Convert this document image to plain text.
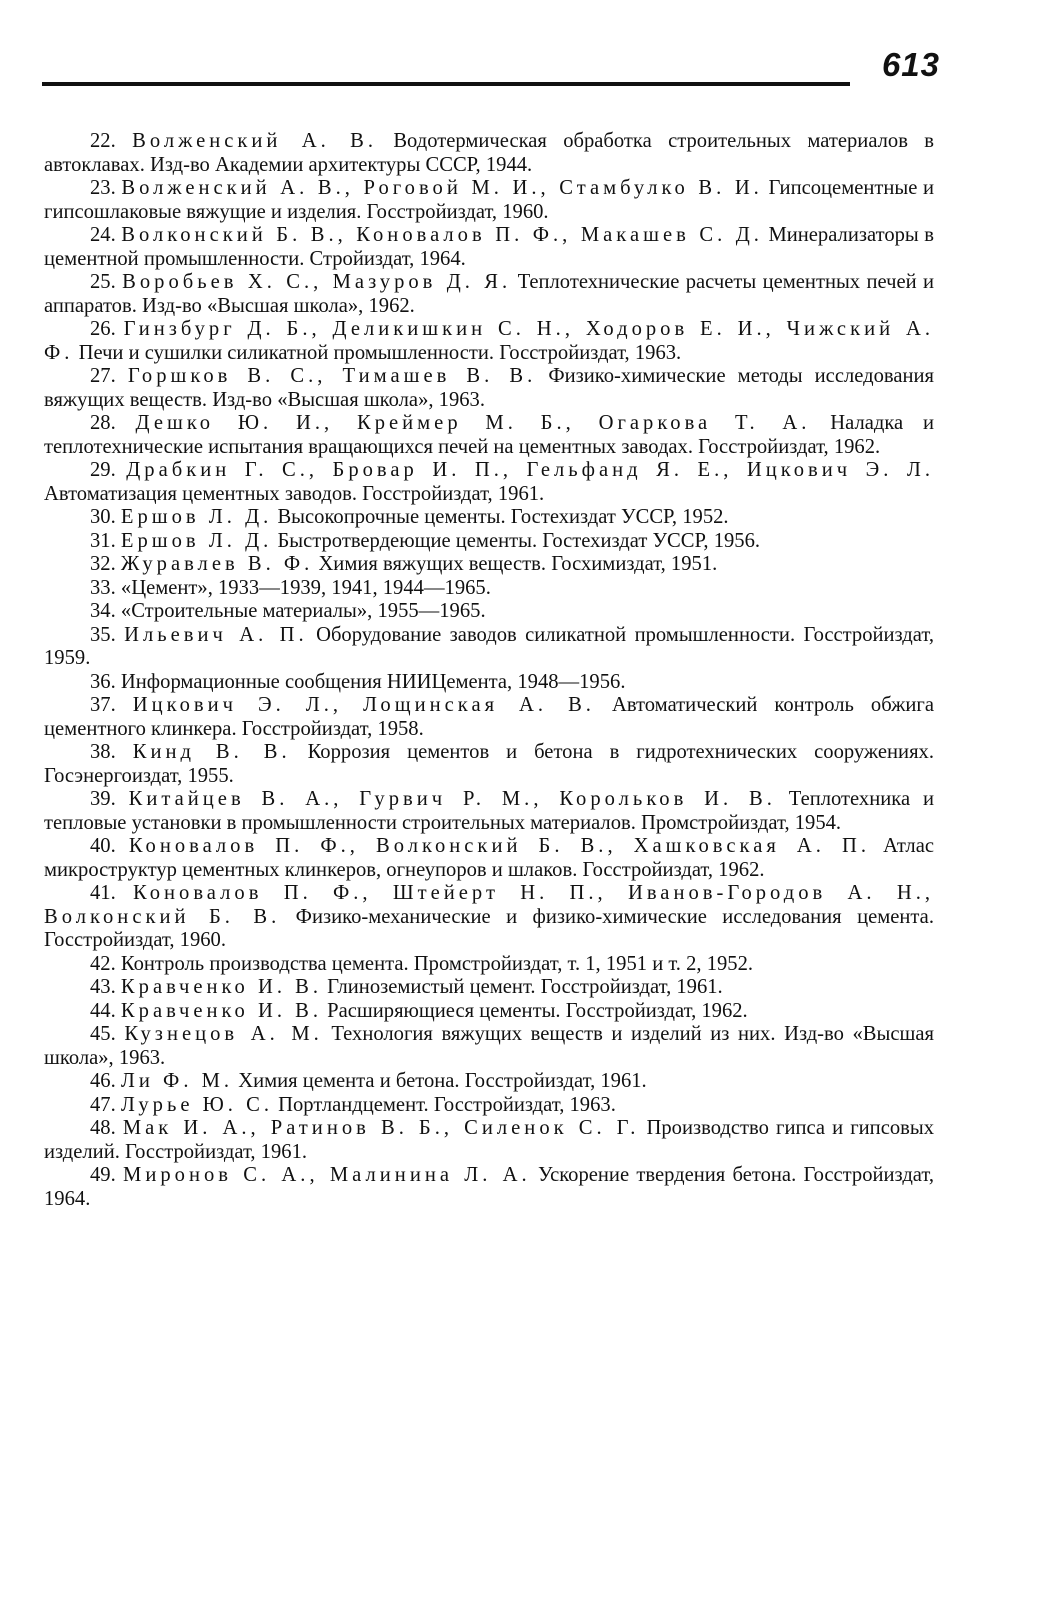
613

22. Волженский А. В. Водотермическая обработка строительных материалов в автоклавах. Изд-во Академии архитектуры СССР, 1944.

23. Волженский А. В., Роговой М. И., Стамбулко В. И. Гипсоцементные и гипсошлаковые вяжущие и изделия. Госстройиздат, 1960.

24. Волконский Б. В., Коновалов П. Ф., Макашев С. Д. Минерализаторы в цементной промышленности. Стройиздат, 1964.

25. Воробьев Х. С., Мазуров Д. Я. Теплотехнические расчеты цементных печей и аппаратов. Изд-во «Высшая школа», 1962.

26. Гинзбург Д. Б., Деликишкин С. Н., Ходоров Е. И., Чижский А. Ф. Печи и сушилки силикатной промышленности. Госстройиздат, 1963.

27. Горшков В. С., Тимашев В. В. Физико-химические методы исследования вяжущих веществ. Изд-во «Высшая школа», 1963.

28. Дешко Ю. И., Креймер М. Б., Огаркова Т. А. Наладка и теплотехнические испытания вращающихся печей на цементных заводах. Госстройиздат, 1962.

29. Драбкин Г. С., Бровар И. П., Гельфанд Я. Е., Ицкович Э. Л. Автоматизация цементных заводов. Госстройиздат, 1961.

30. Ершов Л. Д. Высокопрочные цементы. Гостехиздат УССР, 1952.

31. Ершов Л. Д. Быстротвердеющие цементы. Гостехиздат УССР, 1956.

32. Журавлев В. Ф. Химия вяжущих веществ. Госхимиздат, 1951.

33. «Цемент», 1933—1939, 1941, 1944—1965.

34. «Строительные материалы», 1955—1965.

35. Ильевич А. П. Оборудование заводов силикатной промышленности. Госстройиздат, 1959.

36. Информационные сообщения НИИЦемента, 1948—1956.

37. Ицкович Э. Л., Лощинская А. В. Автоматический контроль обжига цементного клинкера. Госстройиздат, 1958.

38. Кинд В. В. Коррозия цементов и бетона в гидротехнических сооружениях. Госэнергоиздат, 1955.

39. Китайцев В. А., Гурвич Р. М., Корольков И. В. Теплотехника и тепловые установки в промышленности строительных материалов. Промстройиздат, 1954.

40. Коновалов П. Ф., Волконский Б. В., Хашковская А. П. Атлас микроструктур цементных клинкеров, огнеупоров и шлаков. Госстройиздат, 1962.

41. Коновалов П. Ф., Штейерт Н. П., Иванов-Городов А. Н., Волконский Б. В. Физико-механические и физико-химические исследования цемента. Госстройиздат, 1960.

42. Контроль производства цемента. Промстройиздат, т. 1, 1951 и т. 2, 1952.

43. Кравченко И. В. Глиноземистый цемент. Госстройиздат, 1961.

44. Кравченко И. В. Расширяющиеся цементы. Госстройиздат, 1962.

45. Кузнецов А. М. Технология вяжущих веществ и изделий из них. Изд-во «Высшая школа», 1963.

46. Ли Ф. М. Химия цемента и бетона. Госстройиздат, 1961.

47. Лурье Ю. С. Портландцемент. Госстройиздат, 1963.

48. Мак И. А., Ратинов В. Б., Силенок С. Г. Производство гипса и гипсовых изделий. Госстройиздат, 1961.

49. Миронов С. А., Малинина Л. А. Ускорение твердения бетона. Госстройиздат, 1964.
